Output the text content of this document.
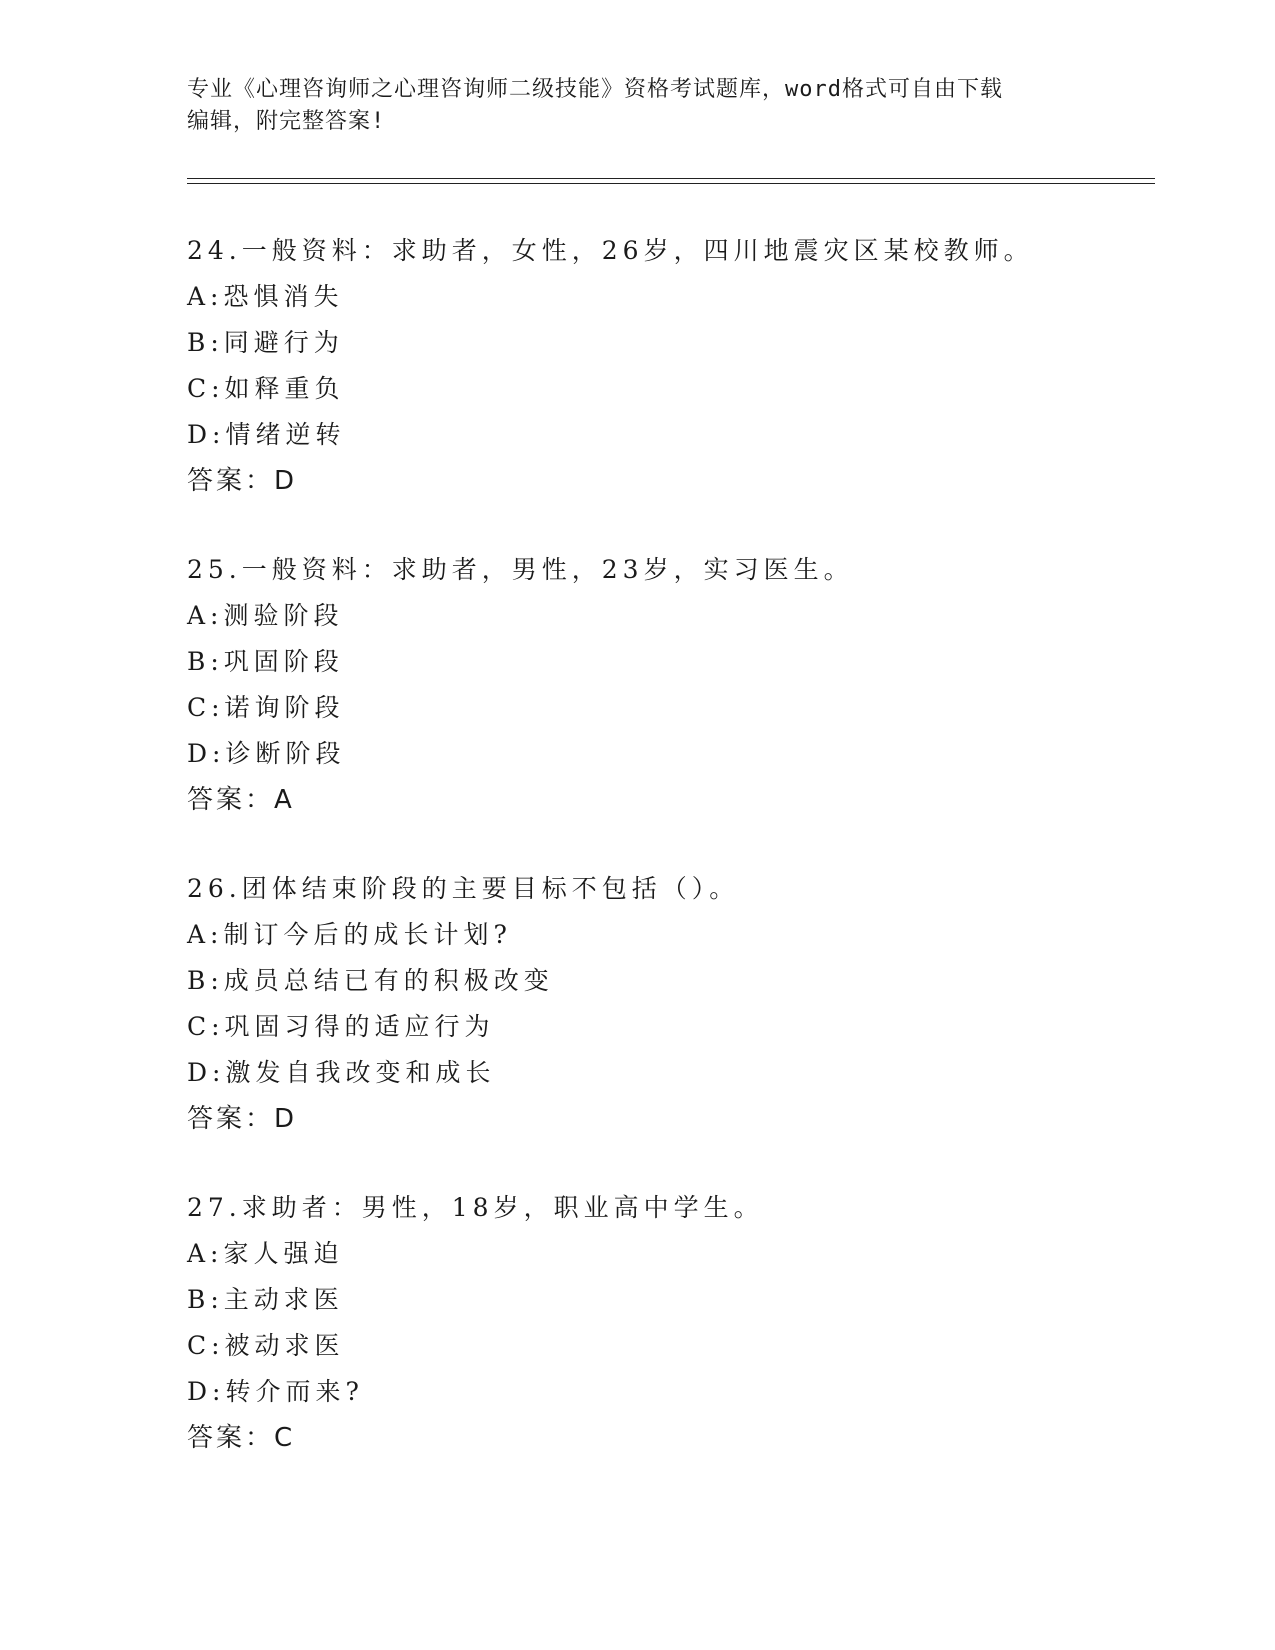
专业《心理咨询师之心理咨询师二级技能》资格考试题库，word格式可自由下载
编辑，附完整答案!
24.一般资料：求助者，女性，26岁，四川地震灾区某校教师。
A:恐惧消失
B:同避行为
C:如释重负
D:情绪逆转
答案：D
25.一般资料：求助者，男性，23岁，实习医生。
A:测验阶段
B:巩固阶段
C:诺询阶段
D:诊断阶段
答案：A
26.团体结束阶段的主要目标不包括（）。
A:制订今后的成长计划?
B:成员总结已有的积极改变
C:巩固习得的适应行为
D:激发自我改变和成长
答案：D
27.求助者：男性，18岁，职业高中学生。
A:家人强迫
B:主动求医
C:被动求医
D:转介而来?
答案：C
